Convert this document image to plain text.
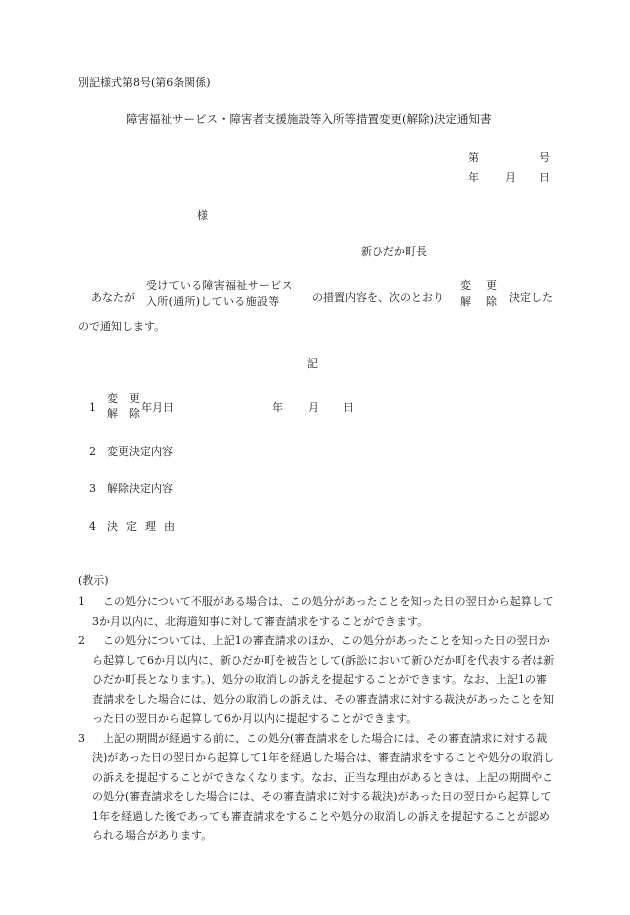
別記様式第8号(第6条関係)
障害福祉サービス・障害者支援施設等入所等措置変更(解除)決定通知書
第	号
年 月 日
様
新ひだか町長
あなたが
受けている障害福祉サービス
入所(通所)している施設等	の措置内容を、次のとおり
変 更
解 除 決定した
ので通知します。
記
1
変 更
解 除 年月日	年 月 日
2 変更決定内容
3 解除決定内容
4 決 定 理 由
(教示)
1	この処分について不服がある場合は、この処分があったことを知った日の翌日から起算して3か月以内に、北海道知事に対して審査請求をすることができます。
2	この処分については、上記1の審査請求のほか、この処分があったことを知った日の翌日から起算して6か月以内に、新ひだか町を被告として(訴訟において新ひだか町を代表する者は新ひだか町長となります。)、処分の取消しの訴えを提起することができます。なお、上記1の審査請求をした場合には、処分の取消しの訴えは、その審査請求に対する裁決があったことを知った日の翌日から起算して6か月以内に提起することができます。
3	上記の期間が経過する前に、この処分(審査請求をした場合には、その審査請求に対する裁決)があった日の翌日から起算して1年を経過した場合は、審査請求をすることや処分の取消しの訴えを提起することができなくなります。なお、正当な理由があるときは、上記の期間やこの処分(審査請求をした場合には、その審査請求に対する裁決)があった日の翌日から起算して1年を経過した後であっても審査請求をすることや処分の取消しの訴えを提起することが認められる場合があります。
